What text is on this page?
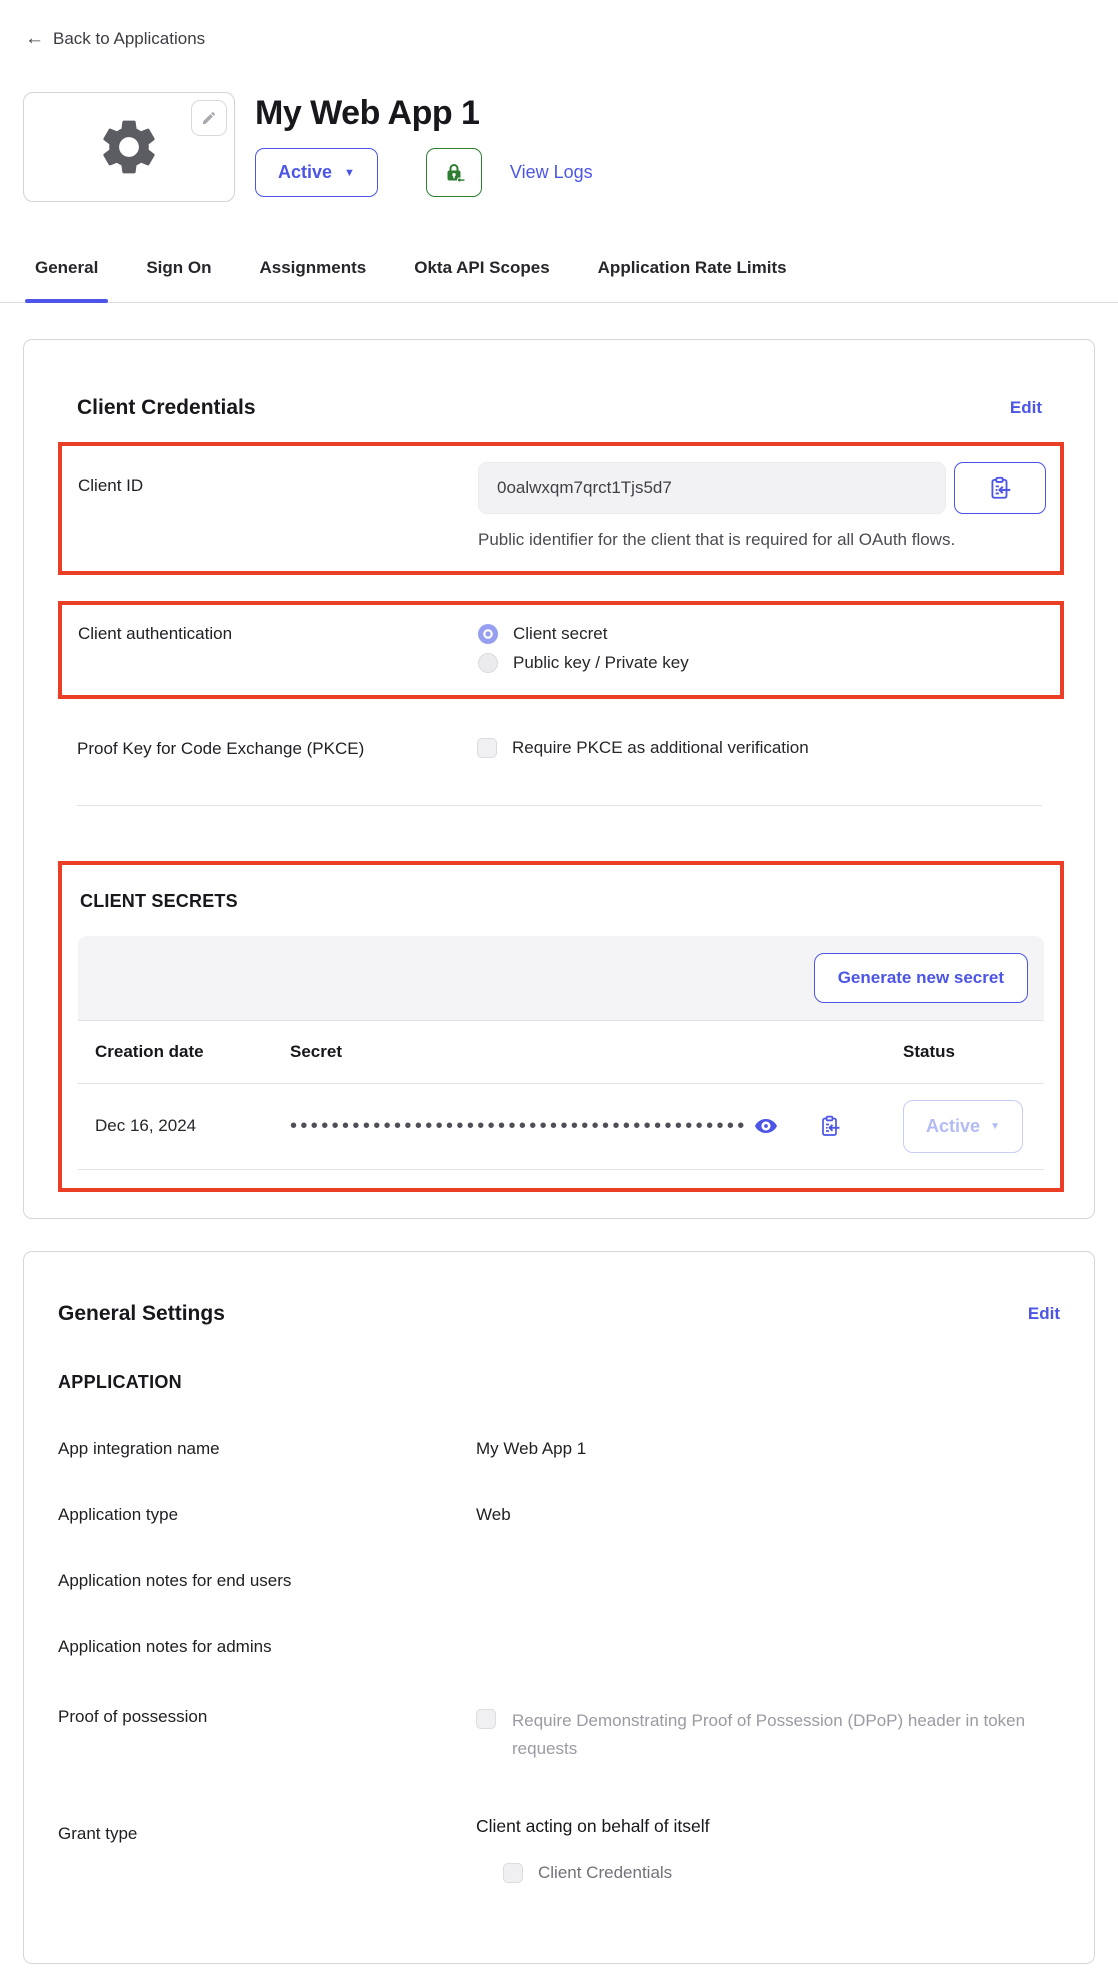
← Back to Applications
My Web App 1
Active ▼	View Logs
General	Sign On	Assignments	Okta API Scopes	Application Rate Limits
Client Credentials	Edit
Client ID	0oalwxqm7qrct1Tjs5d7
Public identifier for the client that is required for all OAuth flows.
Client authentication	Client secret
Public key / Private key
Proof Key for Code Exchange (PKCE)	Require PKCE as additional verification
CLIENT SECRETS
Generate new secret
Creation date	Secret	Status
Dec 16, 2024	••••••••••••••••••••••••••••••••••••••••••••	Active ▼
General Settings	Edit
APPLICATION
App integration name	My Web App 1
Application type	Web
Application notes for end users
Application notes for admins
Proof of possession	Require Demonstrating Proof of Possession (DPoP) header in token requests
Grant type	Client acting on behalf of itself
Client Credentials
